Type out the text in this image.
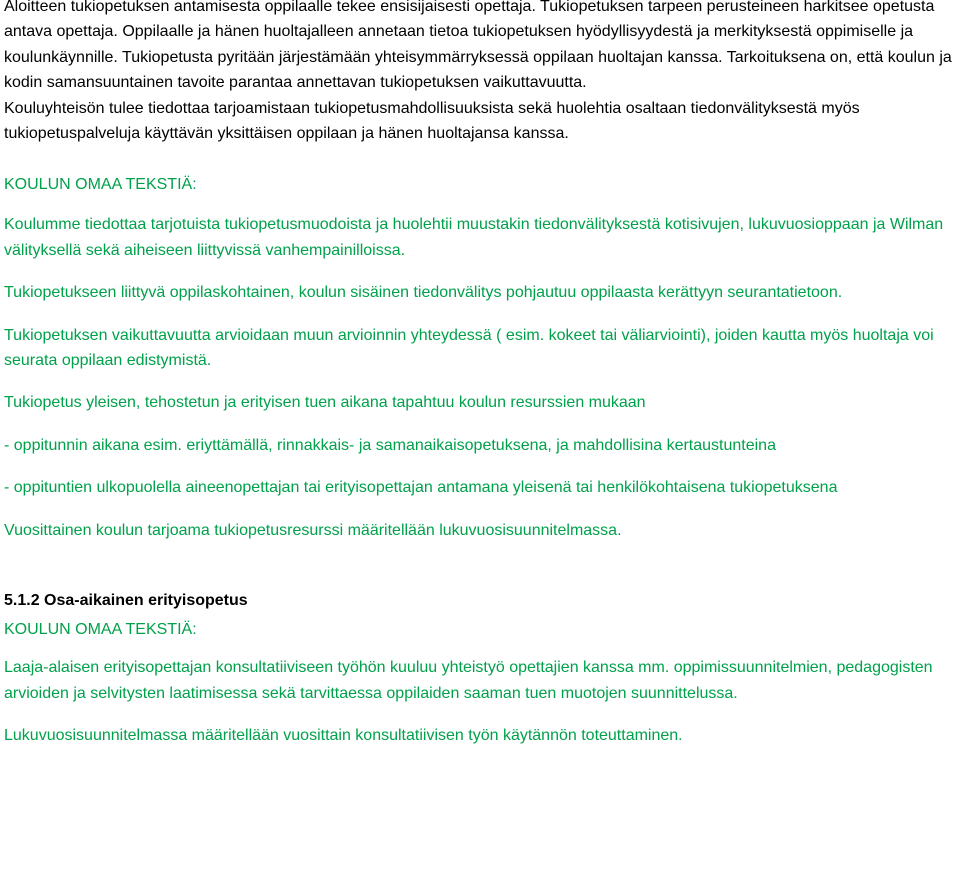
Aloitteen tukiopetuksen antamisesta oppilaalle tekee ensisijaisesti opettaja. Tukiopetuksen tarpeen perusteineen harkitsee opetusta antava opettaja. Oppilaalle ja hänen huoltajalleen annetaan tietoa tukiopetuksen hyödyllisyydestä ja merkityksestä oppimiselle ja koulunkäynnille. Tukiopetusta pyritään järjestämään yhteisymmärryksessä oppilaan huoltajan kanssa. Tarkoituksena on, että koulun ja kodin samansuuntainen tavoite parantaa annettavan tukiopetuksen vaikuttavuutta.
Kouluyhteisön tulee tiedottaa tarjoamistaan tukiopetusmahdollisuuksista sekä huolehtia osaltaan tiedonvälityksestä myös tukiopetuspalveluja käyttävän yksittäisen oppilaan ja hänen huoltajansa kanssa.
KOULUN OMAA TEKSTIÄ:

Koulumme tiedottaa tarjotuista tukiopetusmuodoista ja huolehtii muustakin tiedonvälityksestä kotisivujen, lukuvuosioppaan ja Wilman välityksellä sekä aiheiseen liittyvissä vanhempainilloissa.

Tukiopetukseen liittyvä oppilaskohtainen, koulun sisäinen tiedonvälitys pohjautuu oppilaasta kerättyyn seurantatietoon.

Tukiopetuksen vaikuttavuutta arvioidaan muun arvioinnin yhteydessä ( esim. kokeet tai väliarviointi), joiden kautta myös huoltaja voi seurata oppilaan edistymistä.

Tukiopetus yleisen, tehostetun ja erityisen tuen aikana tapahtuu koulun resurssien mukaan

- oppitunnin aikana esim. eriyttämällä, rinnakkais- ja samanaikaisopetuksena, ja mahdollisina kertaustunteina

- oppituntien ulkopuolella aineenopettajan tai erityisopettajan antamana yleisenä tai henkilökohtaisena tukiopetuksena

Vuosittainen koulun tarjoama tukiopetusresurssi määritellään lukuvuosisuunnitelmassa.

5.1.2 Osa-aikainen erityisopetus
KOULUN OMAA TEKSTIÄ:

Laaja-alaisen erityisopettajan konsultatiiviseen työhön kuuluu yhteistyö opettajien kanssa mm. oppimissuunnitelmien, pedagogisten arvioiden ja selvitysten laatimisessa sekä tarvittaessa oppilaiden saaman tuen muotojen suunnittelussa.

Lukuvuosisuunnitelmassa määritellään vuosittain konsultatiivisen työn käytännön toteuttaminen.
